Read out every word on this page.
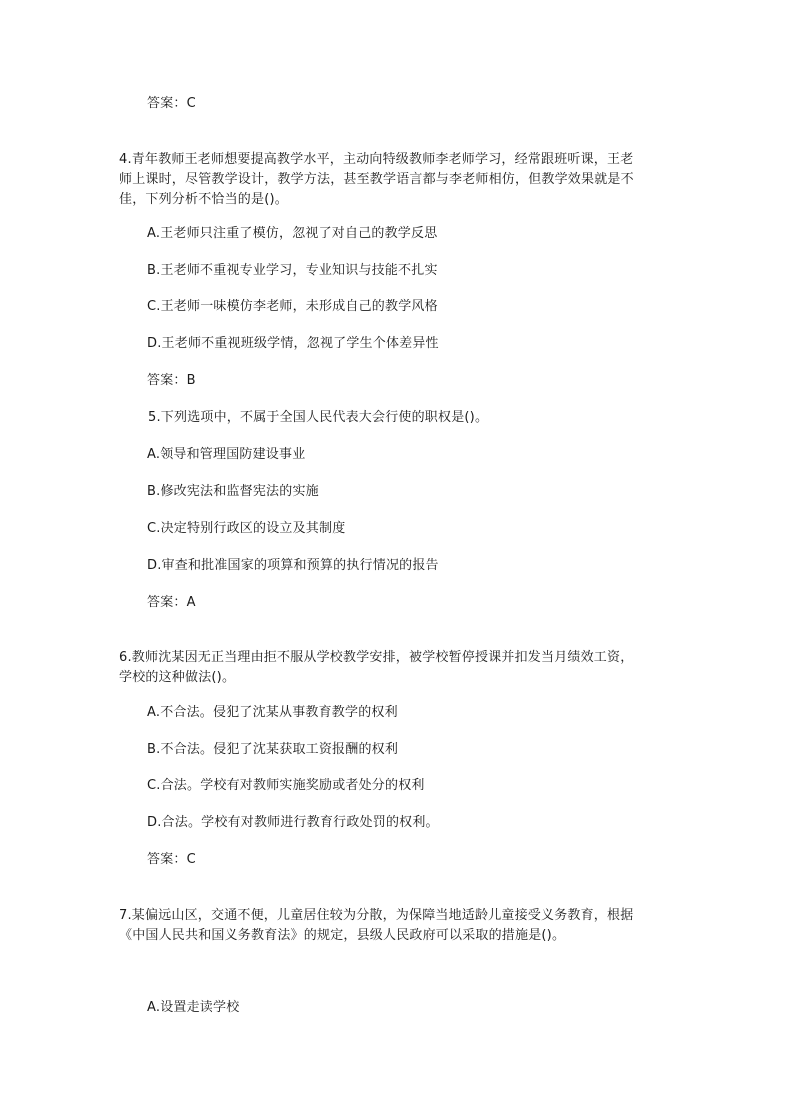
答案：C
4.青年教师王老师想要提高教学水平，主动向特级教师李老师学习，经常跟班听课，王老
师上课时，尽管教学设计，教学方法，甚至教学语言都与李老师相仿，但教学效果就是不
佳，下列分析不恰当的是()。
A.王老师只注重了模仿，忽视了对自己的教学反思
B.王老师不重视专业学习，专业知识与技能不扎实
C.王老师一味模仿李老师，未形成自己的教学风格
D.王老师不重视班级学情，忽视了学生个体差异性
答案：B
5.下列选项中，不属于全国人民代表大会行使的职权是()。
A.领导和管理国防建设事业
B.修改宪法和监督宪法的实施
C.决定特别行政区的设立及其制度
D.审查和批准国家的项算和预算的执行情况的报告
答案：A
6.教师沈某因无正当理由拒不服从学校教学安排，被学校暂停授课并扣发当月绩效工资，
学校的这种做法()。
A.不合法。侵犯了沈某从事教育教学的权利
B.不合法。侵犯了沈某获取工资报酬的权利
C.合法。学校有对教师实施奖励或者处分的权利
D.合法。学校有对教师进行教育行政处罚的权利。
答案：C
7.某偏远山区，交通不便，儿童居住较为分散，为保障当地适龄儿童接受义务教育，根据
《中国人民共和国义务教育法》的规定，县级人民政府可以采取的措施是()。
A.设置走读学校
